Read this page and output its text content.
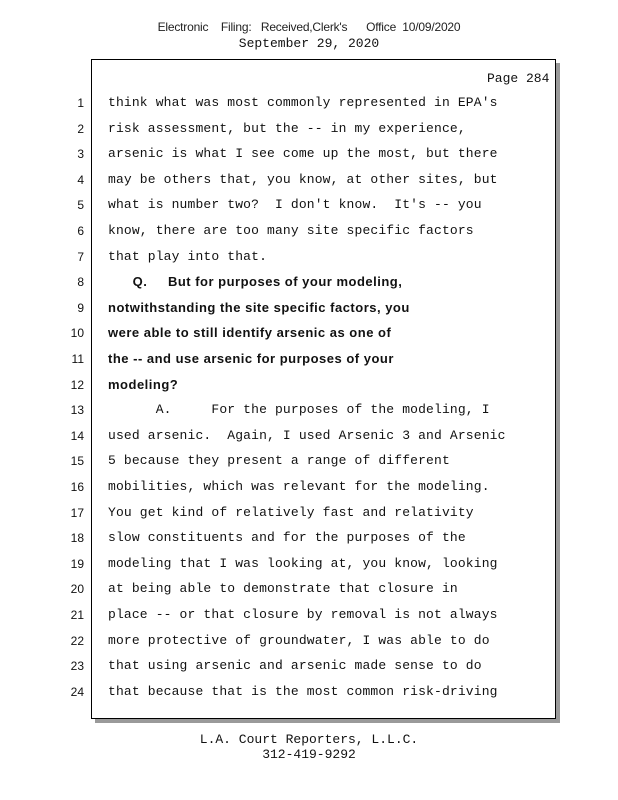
Electronic    Filing:   Received,Clerk's      Office  10/09/2020
September 29, 2020
Page 284
1 think what was most commonly represented in EPA's
2 risk assessment, but the -- in my experience,
3 arsenic is what I see come up the most, but there
4 may be others that, you know, at other sites, but
5 what is number two?  I don't know.  It's -- you
6 know, there are too many site specific factors
7 that play into that.
8 Q.     But for purposes of your modeling,
9 notwithstanding the site specific factors, you
10 were able to still identify arsenic as one of
11 the -- and use arsenic for purposes of your
12 modeling?
13 A.     For the purposes of the modeling, I
14 used arsenic.  Again, I used Arsenic 3 and Arsenic
15 5 because they present a range of different
16 mobilities, which was relevant for the modeling.
17 You get kind of relatively fast and relativity
18 slow constituents and for the purposes of the
19 modeling that I was looking at, you know, looking
20 at being able to demonstrate that closure in
21 place -- or that closure by removal is not always
22 more protective of groundwater, I was able to do
23 that using arsenic and arsenic made sense to do
24 that because that is the most common risk-driving
L.A. Court Reporters, L.L.C.
312-419-9292
